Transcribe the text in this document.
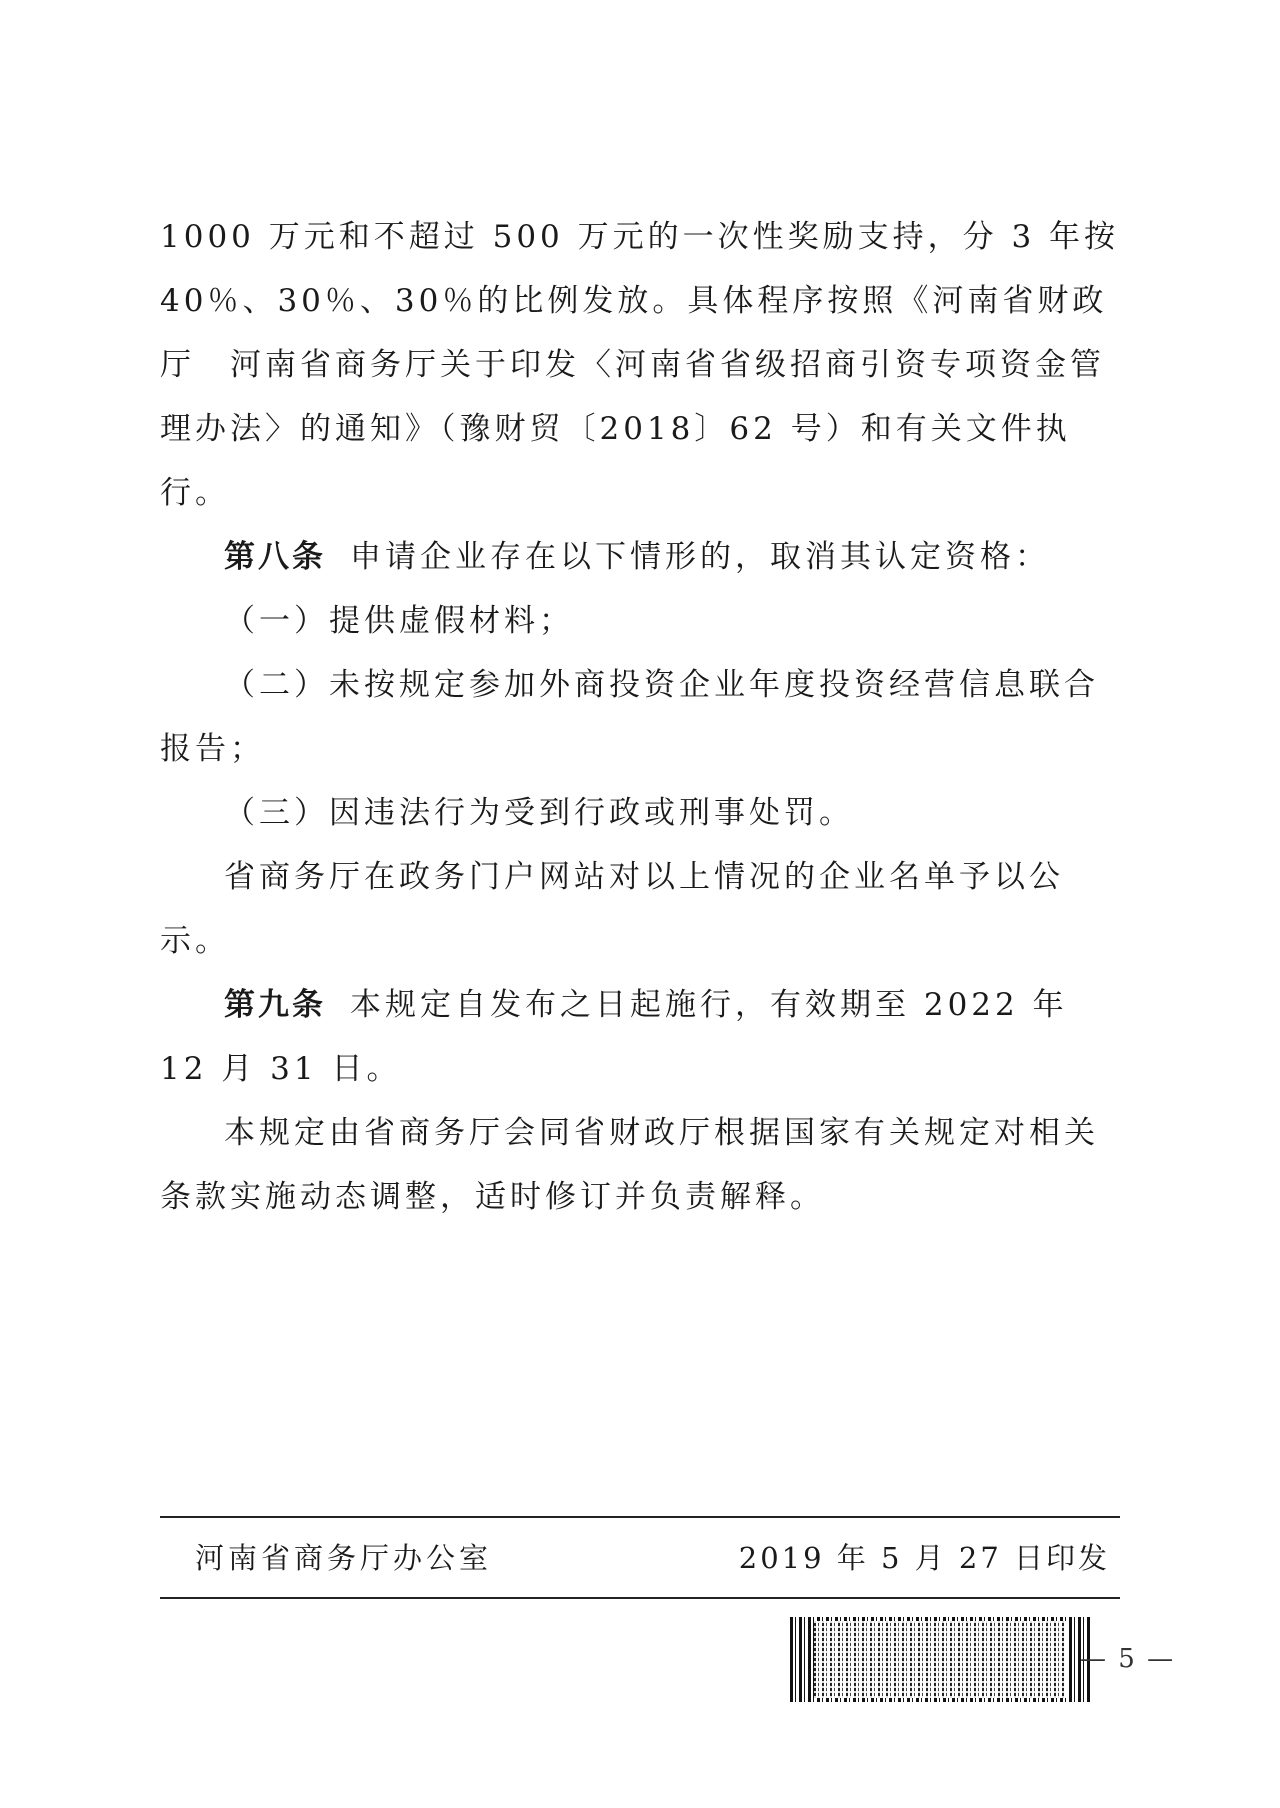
1000 万元和不超过 500 万元的一次性奖励支持，分 3 年按 40％、30％、30％的比例发放。具体程序按照《河南省财政厅　河南省商务厅关于印发〈河南省省级招商引资专项资金管理办法〉的通知》（豫财贸〔2018〕62 号）和有关文件执行。

第八条 申请企业存在以下情形的，取消其认定资格：

（一）提供虚假材料；

（二）未按规定参加外商投资企业年度投资经营信息联合报告；

（三）因违法行为受到行政或刑事处罚。

省商务厅在政务门户网站对以上情况的企业名单予以公示。

第九条 本规定自发布之日起施行，有效期至 2022 年 12 月 31 日。

本规定由省商务厅会同省财政厅根据国家有关规定对相关条款实施动态调整，适时修订并负责解释。

河南省商务厅办公室	2019 年 5 月 27 日印发
— 5 —
